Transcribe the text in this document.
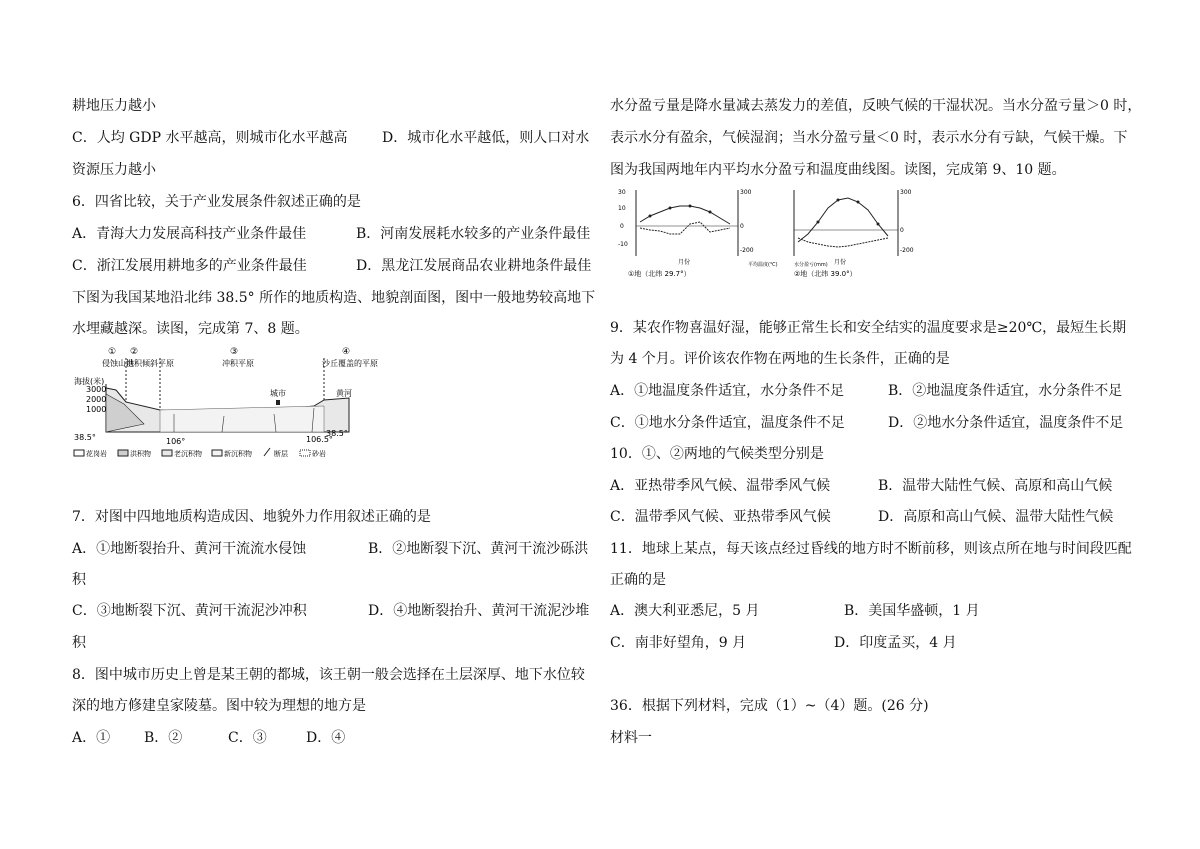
耕地压力越小
C．人均 GDP 水平越高，则城市化水平越高 D．城市化水平越低，则人口对水
资源压力越小
6．四省比较，关于产业发展条件叙述正确的是
A．青海大力发展高科技产业条件最佳	B．河南发展耗水较多的产业条件最佳
C．浙江发展用耕地多的产业条件最佳	D．黑龙江发展商品农业耕地条件最佳
下图为我国某地沿北纬 38.5° 所作的地质构造、地貌剖面图，图中一般地势较高地下
水埋藏越深。读图，完成第 7、8 题。
① ②	③	④
侵蚀山地
洪积倾斜平原	冲积平原	沙丘覆盖的平原
海拔(米)
3000
2000
1000
城市	黄河
38.5°	38.5°
106°	106.5°
花岗岩	洪积物	老沉积物	新沉积物	断层	砂岩
7．对图中四地地质构造成因、地貌外力作用叙述正确的是
A．①地断裂抬升、黄河干流流水侵蚀	B．②地断裂下沉、黄河干流沙砾洪
积
C．③地断裂下沉、黄河干流泥沙冲积	D．④地断裂抬升、黄河干流泥沙堆
积
8．图中城市历史上曾是某王朝的都城，该王朝一般会选择在土层深厚、地下水位较
深的地方修建皇家陵墓。图中较为理想的地方是
A．① B．②	C．③	D．④
水分盈亏量是降水量减去蒸发力的差值，反映气候的干湿状况。当水分盈亏量＞0 时，
表示水分有盈余，气候湿润；当水分盈亏量＜0 时，表示水分有亏缺，气候干燥。下
图为我国两地年内平均水分盈亏和温度曲线图。读图，完成第 9、10 题。
30
10
0
-10
300
0
-200
月份
①地（北纬 29.7°）
300
0
-200
月份
平均温度(℃)	水分盈亏(mm)
②地（北纬 39.0°）
9．某农作物喜温好湿，能够正常生长和安全结实的温度要求是≥20℃，最短生长期
为 4 个月。评价该农作物在两地的生长条件，正确的是
A．①地温度条件适宜，水分条件不足	B．②地温度条件适宜，水分条件不足
C．①地水分条件适宜，温度条件不足	D．②地水分条件适宜，温度条件不足
10．①、②两地的气候类型分别是
A．亚热带季风气候、温带季风气候	B．温带大陆性气候、高原和高山气候
C．温带季风气候、亚热带季风气候	D．高原和高山气候、温带大陆性气候
11．地球上某点，每天该点经过昏线的地方时不断前移，则该点所在地与时间段匹配
正确的是
A．澳大利亚悉尼，5 月	B．美国华盛顿，1 月
C．南非好望角，9 月	D．印度孟买，4 月
36．根据下列材料，完成（1）~（4）题。(26 分)
材料一
